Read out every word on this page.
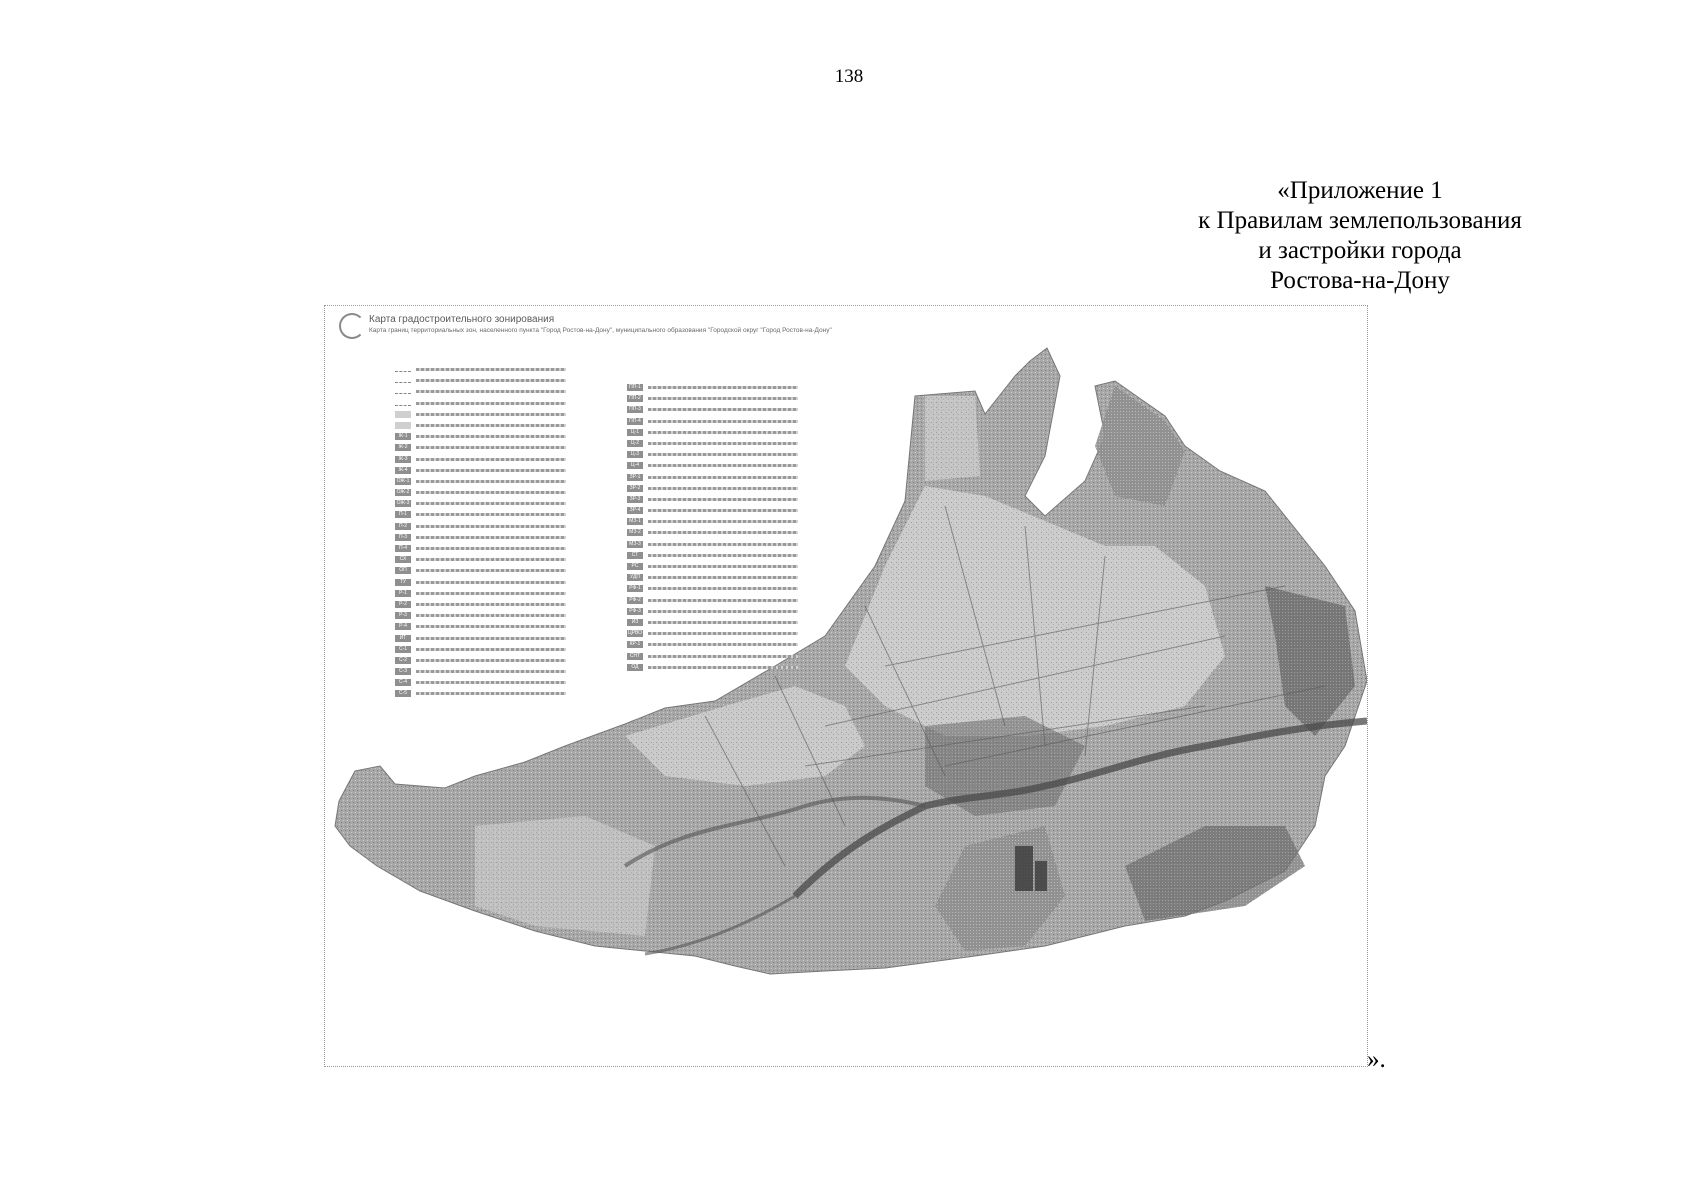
138
«Приложение 1
к Правилам землепользования
и застройки города
Ростова-на-Дону
Карта градостроительного зонирования
Карта границ территориальных зон, населенного пункта "Город Ростов-на-Дону", муниципального образования "Городской округ "Город Ростов-на-Дону"
Ж-1
Ж-2
Ж-3
Ж-4
ОЖ-1
ОЖ-2
ОЖ-3
П-1
П-2
П-3
П-4
СХ
ОП
ТУ
Р-1
Р-2
Р-3
Р-4
ИТ
С-1
С-2
С-3
С-4
С-5
ПП-1
ПП-2
ПП-3
ПП-4
Ц-1
Ц-2
Ц-3
Ц-4
ЗР-1
ЗР-2
ЗР-3
ЗР-4
МЗ-1
МЗ-2
МЗ-3
СТ
РС
УДП
РФ-1
РФ-2
РФ-3
ИЗ
ЦРВО
КР-1
СНТ
ОД
».
